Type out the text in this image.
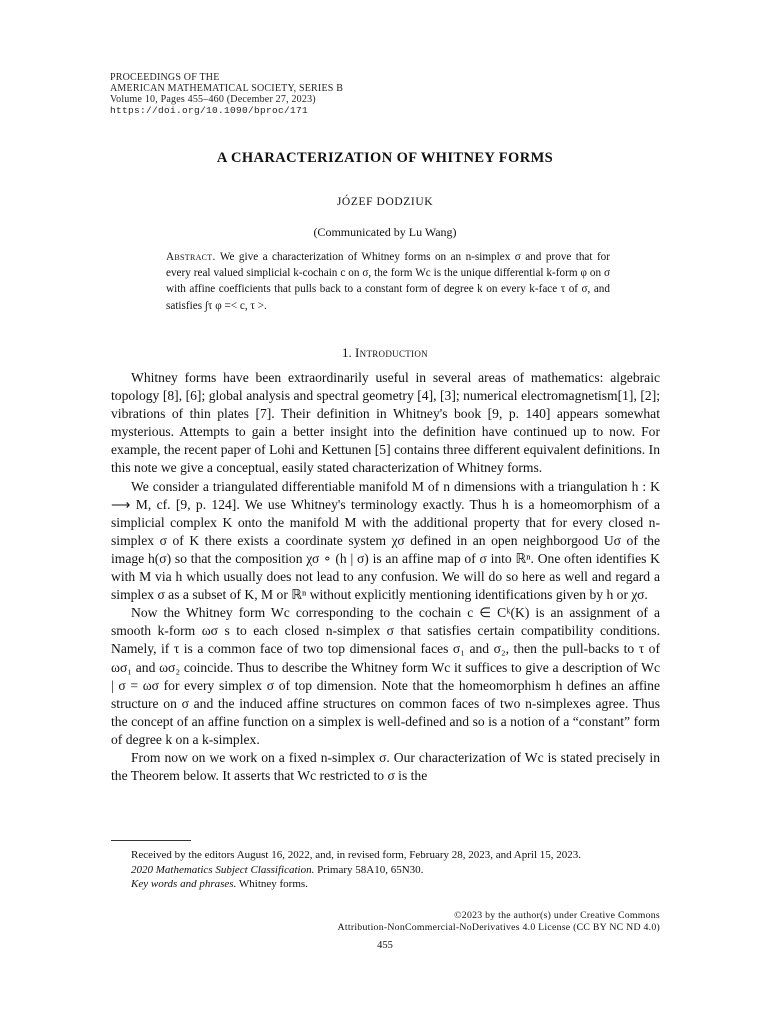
PROCEEDINGS OF THE
AMERICAN MATHEMATICAL SOCIETY, SERIES B
Volume 10, Pages 455–460 (December 27, 2023)
https://doi.org/10.1090/bproc/171
A CHARACTERIZATION OF WHITNEY FORMS
JÓZEF DODZIUK
(Communicated by Lu Wang)
Abstract. We give a characterization of Whitney forms on an n-simplex σ and prove that for every real valued simplicial k-cochain c on σ, the form Wc is the unique differential k-form φ on σ with affine coefficients that pulls back to a constant form of degree k on every k-face τ of σ, and satisfies ∫τ φ =< c, τ >.
1. Introduction

Whitney forms have been extraordinarily useful in several areas of mathematics: algebraic topology [8], [6]; global analysis and spectral geometry [4], [3]; numerical electromagnetism[1], [2]; vibrations of thin plates [7]. Their definition in Whitney's book [9, p. 140] appears somewhat mysterious. Attempts to gain a better insight into the definition have continued up to now. For example, the recent paper of Lohi and Kettunen [5] contains three different equivalent definitions. In this note we give a conceptual, easily stated characterization of Whitney forms.

We consider a triangulated differentiable manifold M of n dimensions with a triangulation h : K ⟶ M, cf. [9, p. 124]. We use Whitney's terminology exactly. Thus h is a homeomorphism of a simplicial complex K onto the manifold M with the additional property that for every closed n-simplex σ of K there exists a coordinate system χσ defined in an open neighborgood Uσ of the image h(σ) so that the composition χσ ∘ (h | σ) is an affine map of σ into ℝⁿ. One often identifies K with M via h which usually does not lead to any confusion. We will do so here as well and regard a simplex σ as a subset of K, M or ℝⁿ without explicitly mentioning identifications given by h or χσ.

Now the Whitney form Wc corresponding to the cochain c ∈ Cᵏ(K) is an assignment of a smooth k-form ωσ s to each closed n-simplex σ that satisfies certain compatibility conditions. Namely, if τ is a common face of two top dimensional faces σ₁ and σ₂, then the pull-backs to τ of ωσ₁ and ωσ₂ coincide. Thus to describe the Whitney form Wc it suffices to give a description of Wc | σ = ωσ for every simplex σ of top dimension. Note that the homeomorphism h defines an affine structure on σ and the induced affine structures on common faces of two n-simplexes agree. Thus the concept of an affine function on a simplex is well-defined and so is a notion of a “constant” form of degree k on a k-simplex.

From now on we work on a fixed n-simplex σ. Our characterization of Wc is stated precisely in the Theorem below. It asserts that Wc restricted to σ is the

Received by the editors August 16, 2022, and, in revised form, February 28, 2023, and April 15, 2023.

2020 Mathematics Subject Classification. Primary 58A10, 65N30.

Key words and phrases. Whitney forms.

©2023 by the author(s) under Creative Commons
Attribution-NonCommercial-NoDerivatives 4.0 License (CC BY NC ND 4.0)
455
